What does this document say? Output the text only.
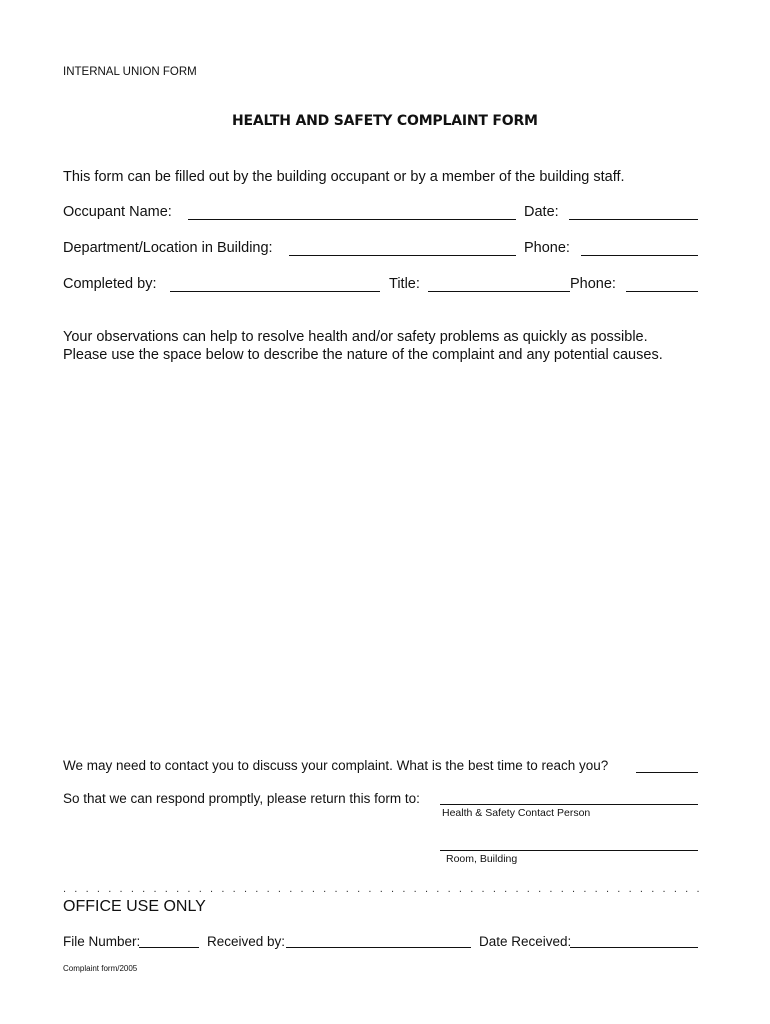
INTERNAL UNION FORM
HEALTH AND SAFETY COMPLAINT FORM
This form can be filled out by the building occupant or by a member of the building staff.
Occupant Name:	Date:
Department/Location in Building:	Phone:
Completed by:	Title:	Phone:
Your observations can help to resolve health and/or safety problems as quickly as possible.
Please use the space below to describe the nature of the complaint and any potential causes.
We may need to contact you to discuss your complaint. What is the best time to reach you?
So that we can respond promptly, please return this form to:
Health & Safety Contact Person
Room, Building
. . . . . . . . . . . . . . . . . . . . . . . . . . . . . . . . . . . . . . . . . . . . . . . . . . . . . . . . .
OFFICE USE ONLY
File Number:	Received by:	Date Received:
Complaint form/2005
